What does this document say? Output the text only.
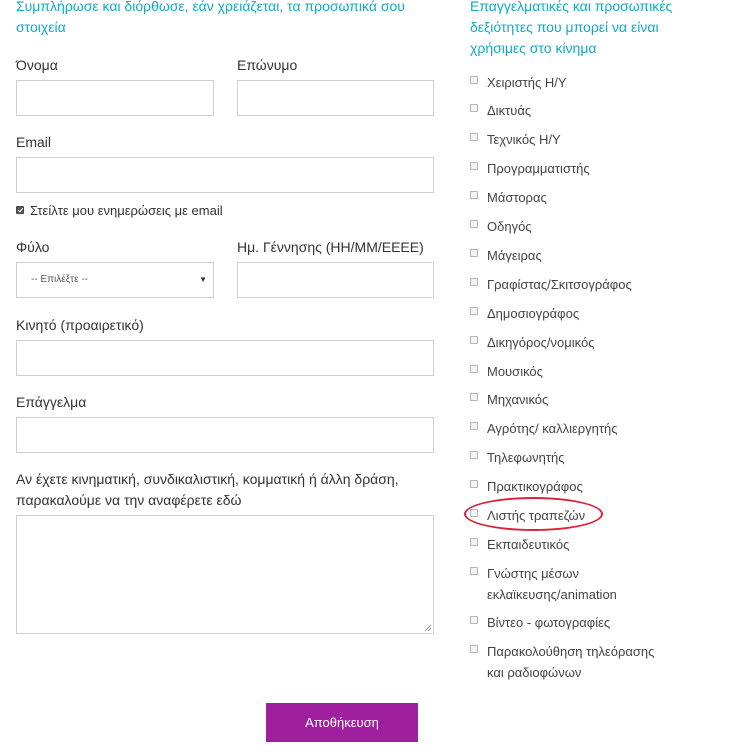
Συμπλήρωσε και διόρθωσε, εάν χρειάζεται, τα προσωπικά σου στοιχεία
Όνομα	Επώνυμο
Email
Στείλτε μου ενημερώσεις με email
Φύλο	Ημ. Γέννησης (ΗΗ/ΜΜ/ΕΕΕΕ)
-- Επιλέξτε --	▼
Κινητό (προαιρετικό)
Επάγγελμα
Αν έχετε κινηματική, συνδικαλιστική, κομματική ή άλλη δράση, παρακαλούμε να την αναφέρετε εδώ
Αποθήκευση
Επαγγελματικές και προσωπικές δεξιότητες που μπορεί να είναι χρήσιμες στο κίνημα
Χειριστής Η/Υ
Δικτυάς
Τεχνικός Η/Υ
Προγραμματιστής
Μάστορας
Οδηγός
Μάγειρας
Γραφίστας/Σκιτσογράφος
Δημοσιογράφος
Δικηγόρος/νομικός
Μουσικός
Μηχανικός
Αγρότης/ καλλιεργητής
Τηλεφωνητής
Πρακτικογράφος
Λιστής τραπεζών
Εκπαιδευτικός
Γνώστης μέσων εκλαϊκευσης/animation
Βίντεο - φωτογραφίες
Παρακολούθηση τηλεόρασης και ραδιοφώνων
